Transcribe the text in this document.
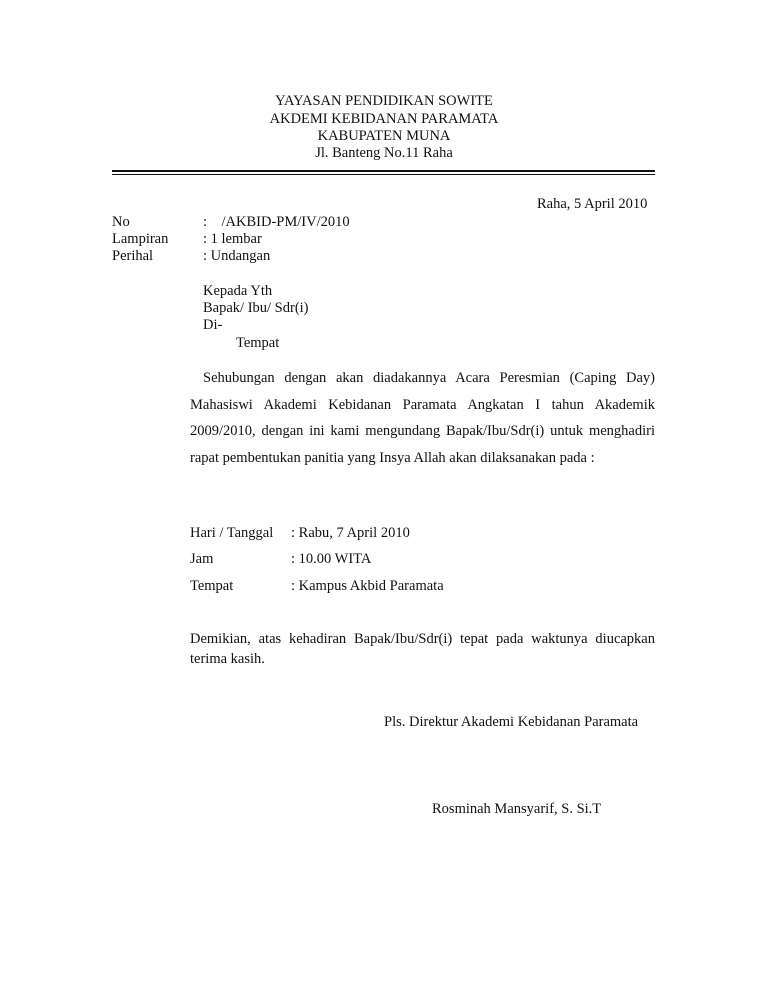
YAYASAN PENDIDIKAN SOWITE
AKDEMI KEBIDANAN PARAMATA
KABUPATEN MUNA
Jl. Banteng No.11 Raha
Raha, 5 April 2010
No	:    /AKBID-PM/IV/2010
Lampiran : 1 lembar
Perihal	: Undangan
Kepada Yth
Bapak/ Ibu/ Sdr(i)
Di-
Tempat
Sehubungan dengan akan diadakannya Acara Peresmian (Caping Day) Mahasiswi Akademi Kebidanan Paramata Angkatan I tahun Akademik 2009/2010, dengan ini kami mengundang Bapak/Ibu/Sdr(i) untuk menghadiri rapat pembentukan panitia yang Insya Allah akan dilaksanakan pada :
Hari / Tanggal : Rabu, 7 April 2010
Jam	: 10.00 WITA
Tempat	: Kampus Akbid Paramata
Demikian, atas kehadiran Bapak/Ibu/Sdr(i) tepat pada waktunya diucapkan terima kasih.
Pls. Direktur Akademi Kebidanan Paramata
Rosminah Mansyarif, S. Si.T
